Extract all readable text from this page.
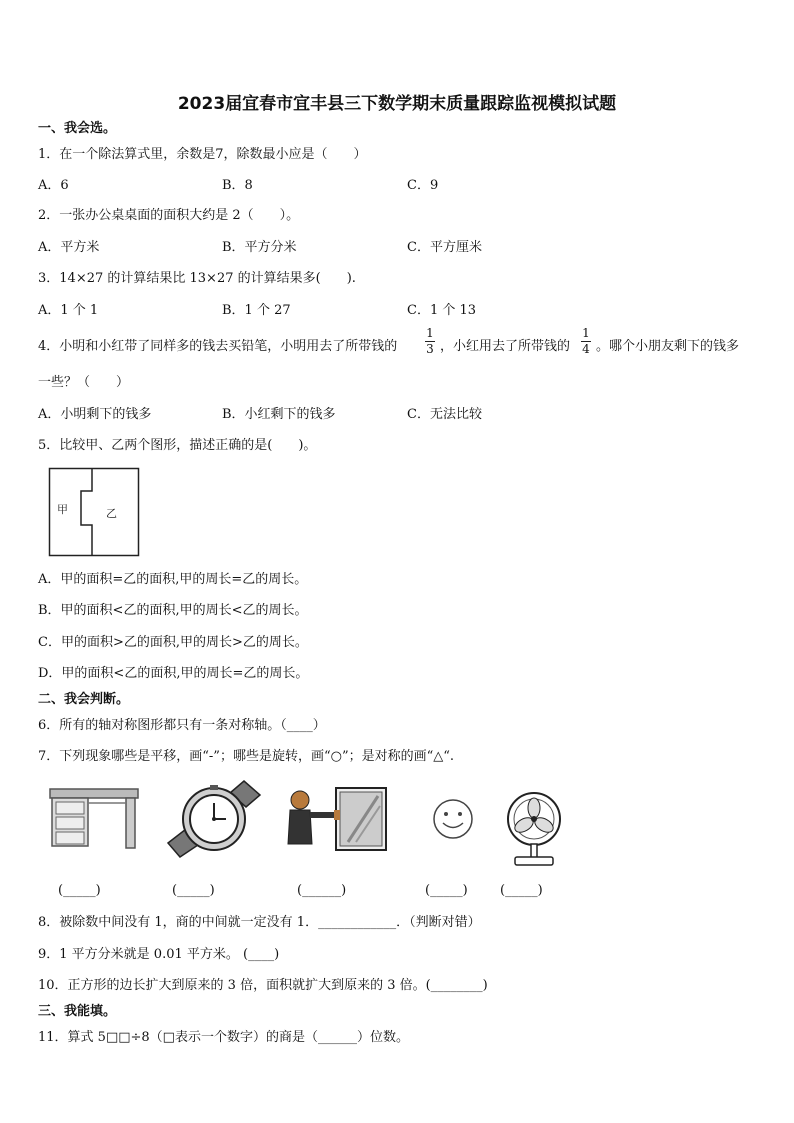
2023届宜春市宜丰县三下数学期末质量跟踪监视模拟试题
一、我会选。
1．在一个除法算式里，余数是7，除数最小应是（　　）
A．6	B．8	C．9
2．一张办公桌桌面的面积大约是 2（　　）。
A．平方米	B．平方分米	C．平方厘米
3．14×27 的计算结果比 13×27 的计算结果多(　　).
A．1 个 1	B．1 个 27	C．1 个 13
4．小明和小红带了同样多的钱去买铅笔，小明用去了所带钱的
1
3 ，小红用去了所带钱的
1
4 。哪个小朋友剩下的钱多
一些？（　　）
A．小明剩下的钱多	B．小红剩下的钱多	C．无法比较
5．比较甲、乙两个图形，描述正确的是(　　)。
甲	乙
A．甲的面积=乙的面积,甲的周长=乙的周长。
B．甲的面积<乙的面积,甲的周长<乙的周长。
C．甲的面积>乙的面积,甲的周长>乙的周长。
D．甲的面积<乙的面积,甲的周长=乙的周长。
二、我会判断。
6．所有的轴对称图形都只有一条对称轴。（____）
7．下列现象哪些是平移，画“-”；哪些是旋转，画“○”；是对称的画“△“.
(_____)	(_____)	(______)	(_____) (_____)
8．被除数中间没有 1，商的中间就一定没有 1．____________．（判断对错）
9．1 平方分米就是 0.01 平方米。 (____)
10．正方形的边长扩大到原来的 3 倍，面积就扩大到原来的 3 倍。(________)
三、我能填。
11．算式 5□□÷8（□表示一个数字）的商是（______）位数。
